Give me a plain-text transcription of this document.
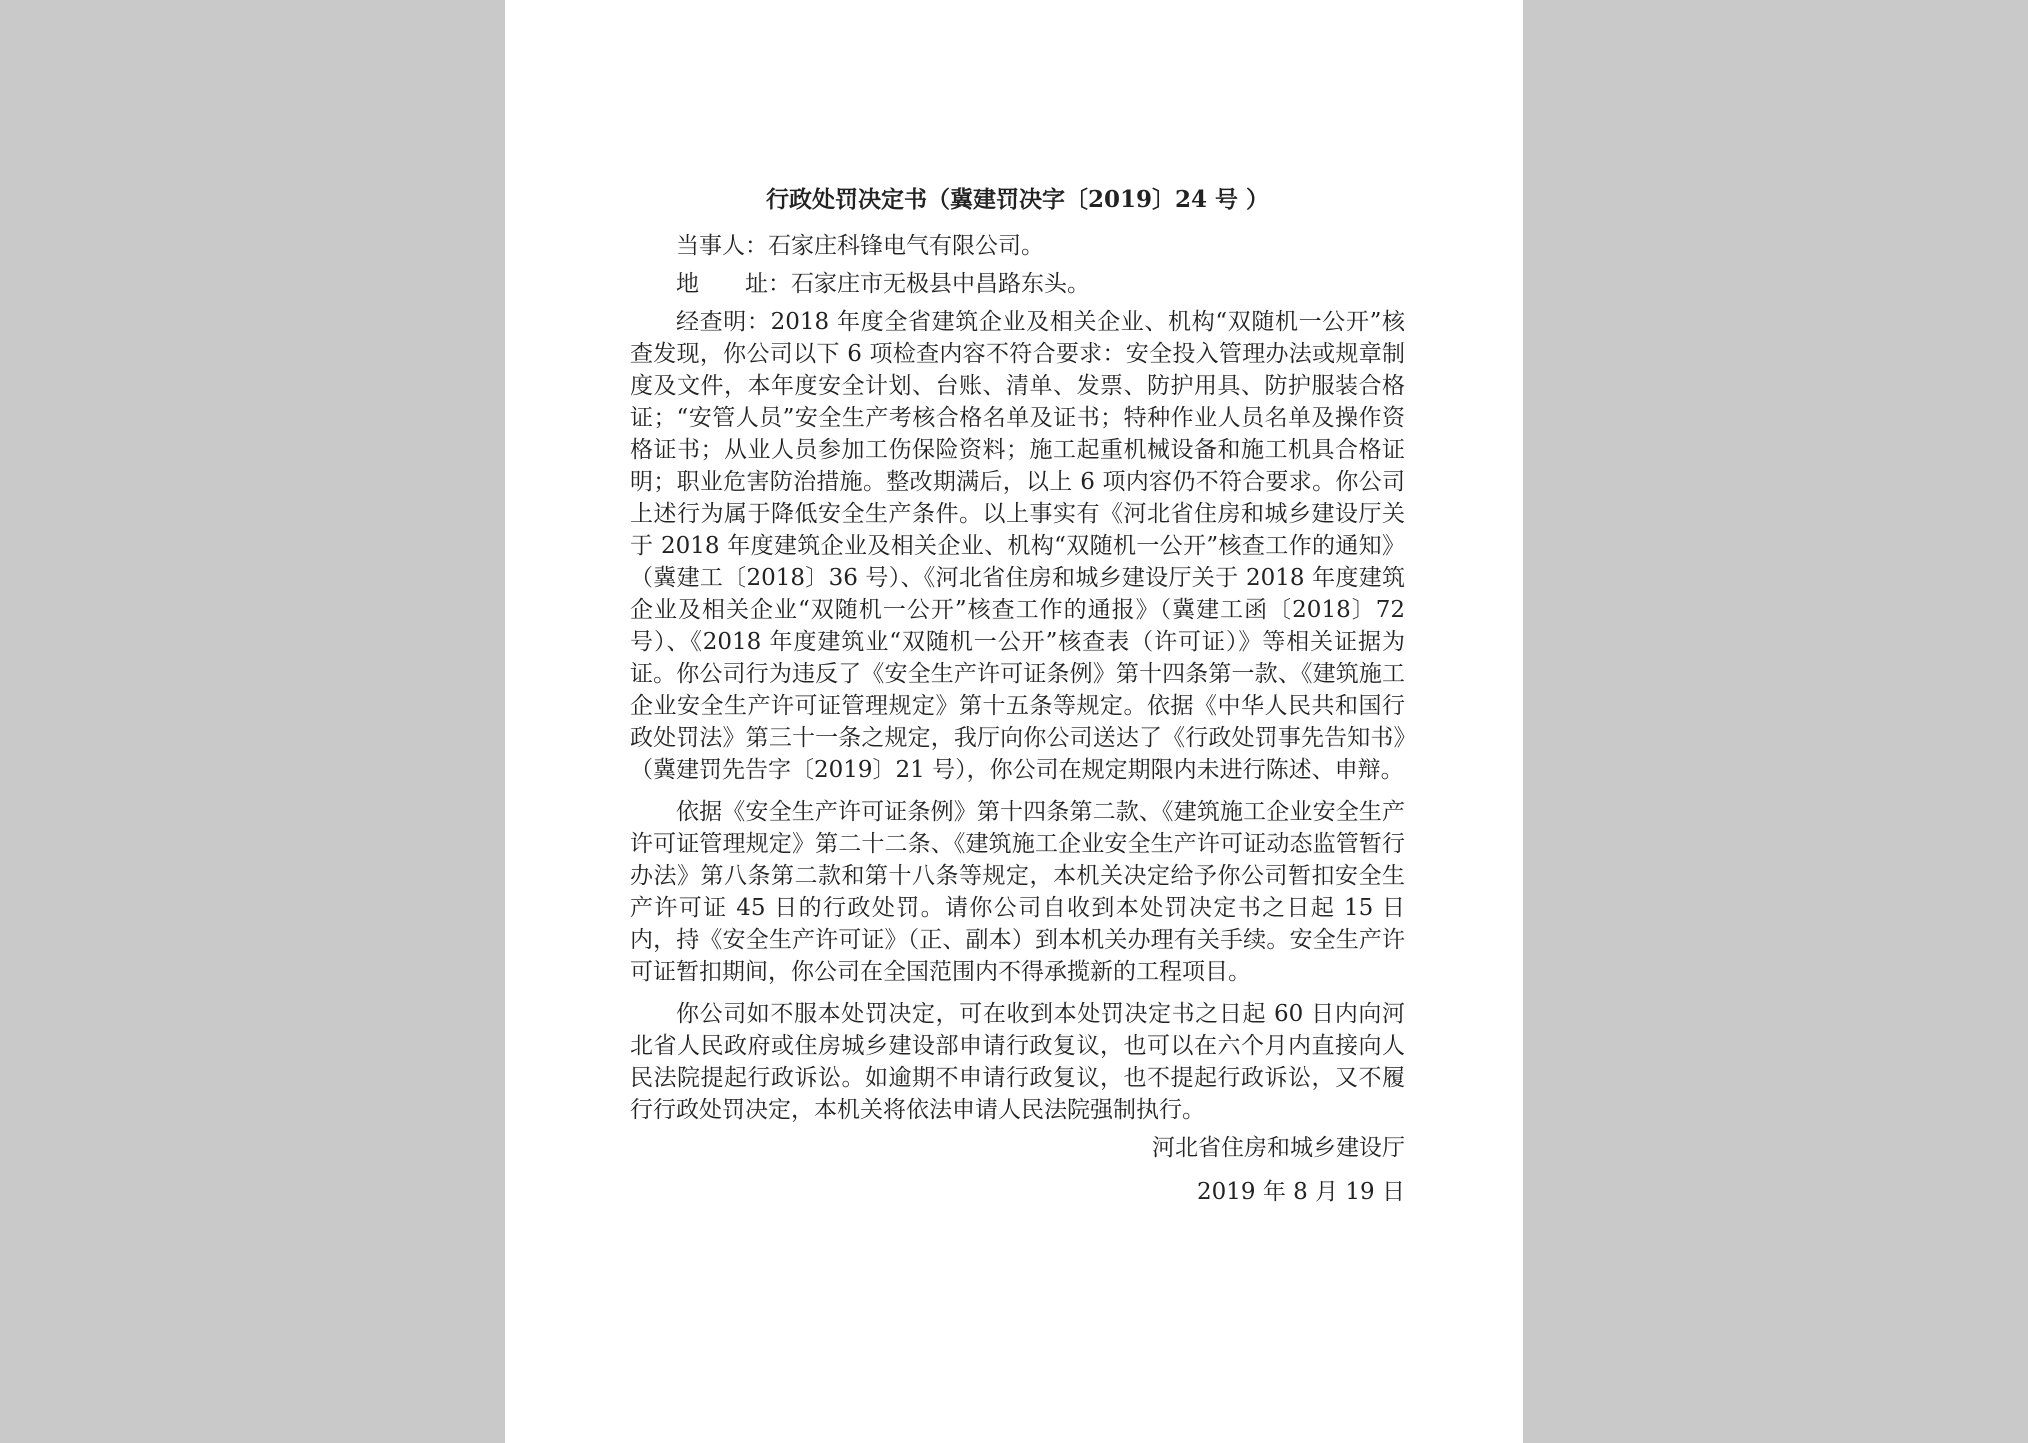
行政处罚决定书（冀建罚决字〔2019〕24 号 ）

当事人：石家庄科锋电气有限公司。

地　　址：石家庄市无极县中昌路东头。

经查明：2018 年度全省建筑企业及相关企业、机构“双随机一公开”核查发现，你公司以下 6 项检查内容不符合要求：安全投入管理办法或规章制度及文件，本年度安全计划、台账、清单、发票、防护用具、防护服装合格证；“安管人员”安全生产考核合格名单及证书；特种作业人员名单及操作资格证书；从业人员参加工伤保险资料；施工起重机械设备和施工机具合格证明；职业危害防治措施。整改期满后，以上 6 项内容仍不符合要求。你公司上述行为属于降低安全生产条件。以上事实有《河北省住房和城乡建设厅关于 2018 年度建筑企业及相关企业、机构“双随机一公开”核查工作的通知》（冀建工〔2018〕36 号）、《河北省住房和城乡建设厅关于 2018 年度建筑企业及相关企业“双随机一公开”核查工作的通报》（冀建工函〔2018〕72 号）、《2018 年度建筑业“双随机一公开”核查表（许可证）》等相关证据为证。你公司行为违反了《安全生产许可证条例》第十四条第一款、《建筑施工企业安全生产许可证管理规定》第十五条等规定。依据《中华人民共和国行政处罚法》第三十一条之规定，我厅向你公司送达了《行政处罚事先告知书》（冀建罚先告字〔2019〕21 号），你公司在规定期限内未进行陈述、申辩。

依据《安全生产许可证条例》第十四条第二款、《建筑施工企业安全生产许可证管理规定》第二十二条、《建筑施工企业安全生产许可证动态监管暂行办法》第八条第二款和第十八条等规定，本机关决定给予你公司暂扣安全生产许可证 45 日的行政处罚。请你公司自收到本处罚决定书之日起 15 日内，持《安全生产许可证》（正、副本）到本机关办理有关手续。安全生产许可证暂扣期间，你公司在全国范围内不得承揽新的工程项目。

你公司如不服本处罚决定，可在收到本处罚决定书之日起 60 日内向河北省人民政府或住房城乡建设部申请行政复议，也可以在六个月内直接向人民法院提起行政诉讼。如逾期不申请行政复议，也不提起行政诉讼，又不履行行政处罚决定，本机关将依法申请人民法院强制执行。

河北省住房和城乡建设厅

2019 年 8 月 19 日
